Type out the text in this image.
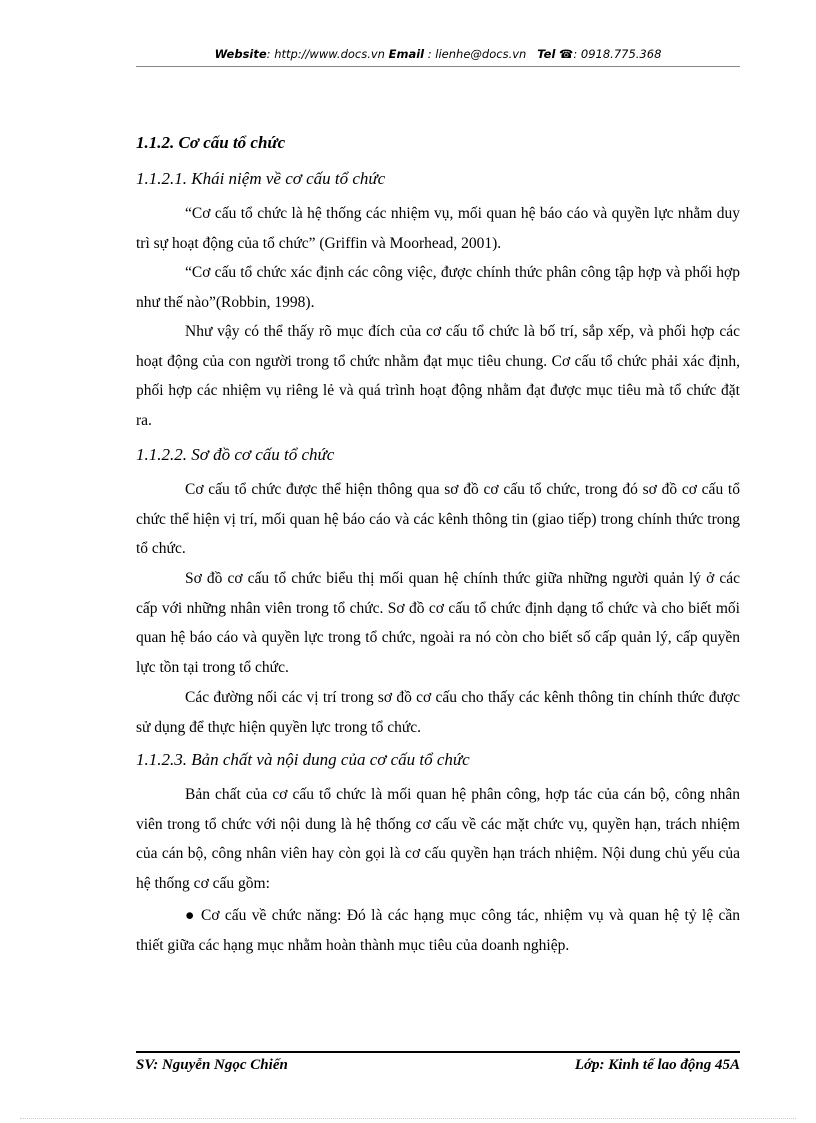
Website: http://www.docs.vn Email : lienhe@docs.vn Tel ☎: 0918.775.368
1.1.2. Cơ cấu tổ chức
1.1.2.1. Khái niệm về cơ cấu tổ chức
“Cơ cấu tổ chức là hệ thống các nhiệm vụ, mối quan hệ báo cáo và quyền lực nhằm duy trì sự hoạt động của tổ chức” (Griffin và Moorhead, 2001).
“Cơ cấu tổ chức xác định các công việc, được chính thức phân công tập hợp và phối hợp như thế nào”(Robbin, 1998).
Như vậy có thể thấy rõ mục đích của cơ cấu tổ chức là bố trí, sắp xếp, và phối hợp các hoạt động của con người trong tổ chức nhằm đạt mục tiêu chung. Cơ cấu tổ chức phải xác định, phối hợp các nhiệm vụ riêng lẻ và quá trình hoạt động nhằm đạt được mục tiêu mà tổ chức đặt ra.
1.1.2.2. Sơ đồ cơ cấu tổ chức
Cơ cấu tổ chức được thể hiện thông qua sơ đồ cơ cấu tổ chức, trong đó sơ đồ cơ cấu tổ chức thể hiện vị trí, mối quan hệ báo cáo và các kênh thông tin (giao tiếp) trong chính thức trong tổ chức.
Sơ đồ cơ cấu tổ chức biểu thị mối quan hệ chính thức giữa những người quản lý ở các cấp với những nhân viên trong tổ chức. Sơ đồ cơ cấu tổ chức định dạng tổ chức và cho biết mối quan hệ báo cáo và quyền lực trong tổ chức, ngoài ra nó còn cho biết số cấp quản lý, cấp quyền lực tồn tại trong tổ chức.
Các đường nối các vị trí trong sơ đồ cơ cấu cho thấy các kênh thông tin chính thức được sử dụng để thực hiện quyền lực trong tổ chức.
1.1.2.3. Bản chất và nội dung của cơ cấu tổ chức
Bản chất của cơ cấu tổ chức là mối quan hệ phân công, hợp tác của cán bộ, công nhân viên trong tổ chức với nội dung là hệ thống cơ cấu về các mặt chức vụ, quyền hạn, trách nhiệm của cán bộ, công nhân viên hay còn gọi là cơ cấu quyền hạn trách nhiệm. Nội dung chủ yếu của hệ thống cơ cấu gồm:
● Cơ cấu về chức năng: Đó là các hạng mục công tác, nhiệm vụ và quan hệ tỷ lệ cần thiết giữa các hạng mục nhằm hoàn thành mục tiêu của doanh nghiệp.
SV: Nguyễn Ngọc Chiến	Lớp: Kinh tế lao động 45A
